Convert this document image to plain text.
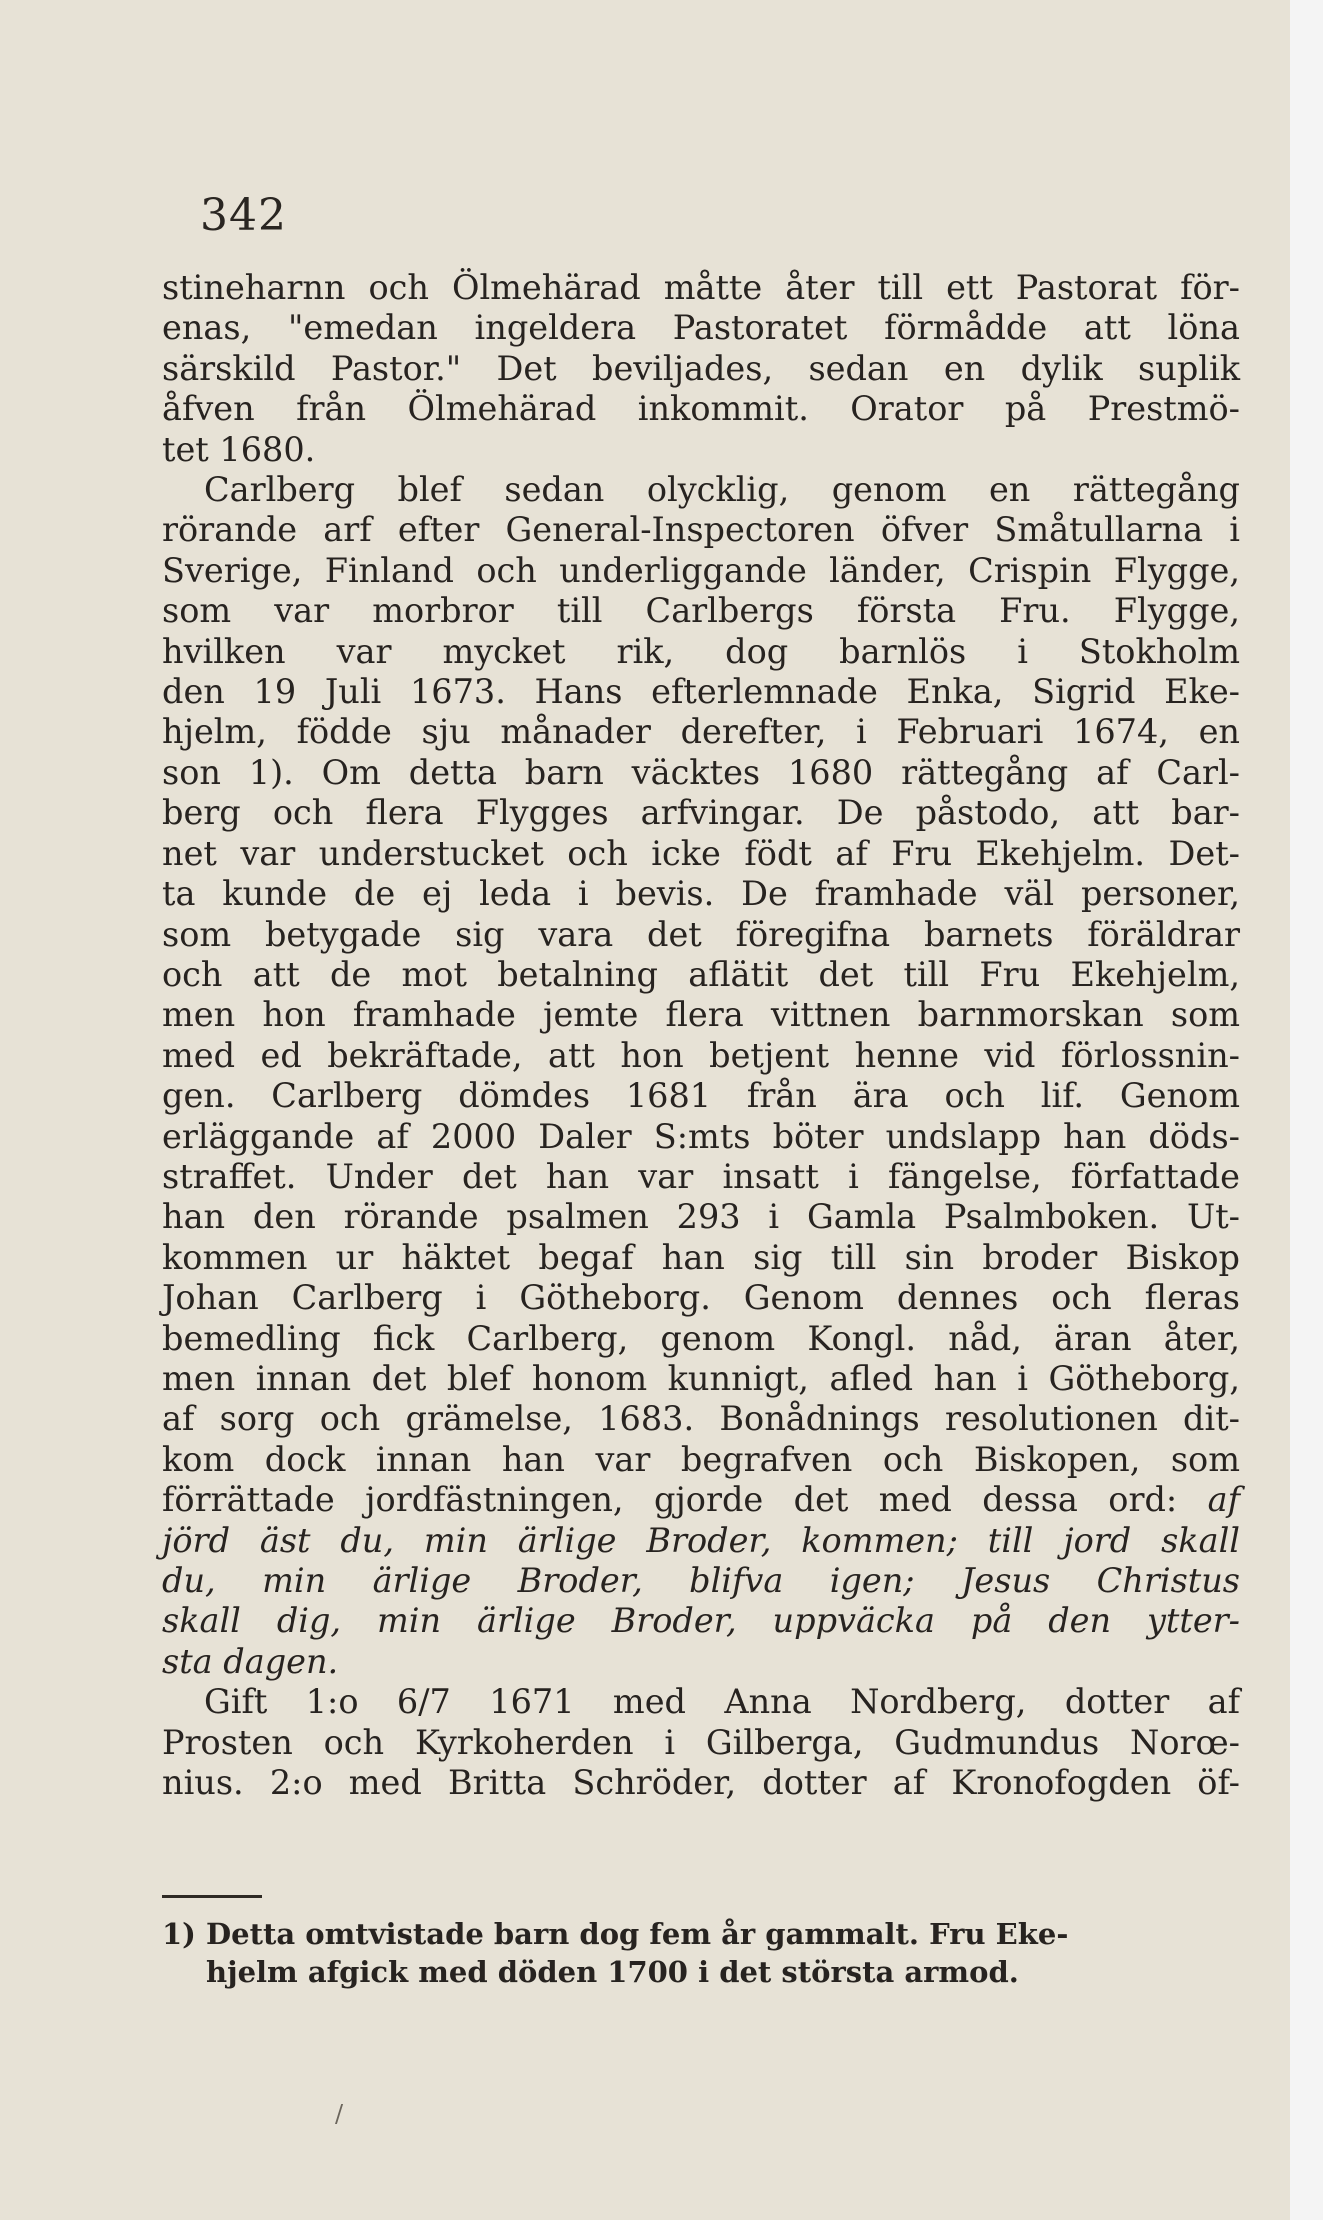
342
stineharnn och Ölmehärad måtte åter till ett Pastorat för-
enas, "emedan ingeldera Pastoratet förmådde att löna
särskild Pastor." Det beviljades, sedan en dylik suplik
åfven från Ölmehärad inkommit. Orator på Prestmö-
tet 1680.
Carlberg blef sedan olycklig, genom en rättegång
rörande arf efter General-Inspectoren öfver Småtullarna i
Sverige, Finland och underliggande länder, Crispin Flygge,
som var morbror till Carlbergs första Fru. Flygge,
hvilken var mycket rik, dog barnlös i Stokholm
den 19 Juli 1673. Hans efterlemnade Enka, Sigrid Eke-
hjelm, födde sju månader derefter, i Februari 1674, en
son 1). Om detta barn väcktes 1680 rättegång af Carl-
berg och flera Flygges arfvingar. De påstodo, att bar-
net var understucket och icke födt af Fru Ekehjelm. Det-
ta kunde de ej leda i bevis. De framhade väl personer,
som betygade sig vara det föregifna barnets föräldrar
och att de mot betalning aflätit det till Fru Ekehjelm,
men hon framhade jemte flera vittnen barnmorskan som
med ed bekräftade, att hon betjent henne vid förlossnin-
gen. Carlberg dömdes 1681 från ära och lif. Genom
erläggande af 2000 Daler S:mts böter undslapp han döds-
straffet. Under det han var insatt i fängelse, författade
han den rörande psalmen 293 i Gamla Psalmboken. Ut-
kommen ur häktet begaf han sig till sin broder Biskop
Johan Carlberg i Götheborg. Genom dennes och fleras
bemedling fick Carlberg, genom Kongl. nåd, äran åter,
men innan det blef honom kunnigt, afled han i Götheborg,
af sorg och grämelse, 1683. Bonådnings resolutionen dit-
kom dock innan han var begrafven och Biskopen, som
förrättade jordfästningen, gjorde det med dessa ord: af
jörd äst du, min ärlige Broder, kommen; till jord skall
du, min ärlige Broder, blifva igen; Jesus Christus
skall dig, min ärlige Broder, uppväcka på den ytter-
sta dagen.
Gift 1:o 6/7 1671 med Anna Nordberg, dotter af
Prosten och Kyrkoherden i Gilberga, Gudmundus Norœ-
nius. 2:o med Britta Schröder, dotter af Kronofogden öf-
1) Detta omtvistade barn dog fem år gammalt. Fru Eke-
hjelm afgick med döden 1700 i det största armod.
/
